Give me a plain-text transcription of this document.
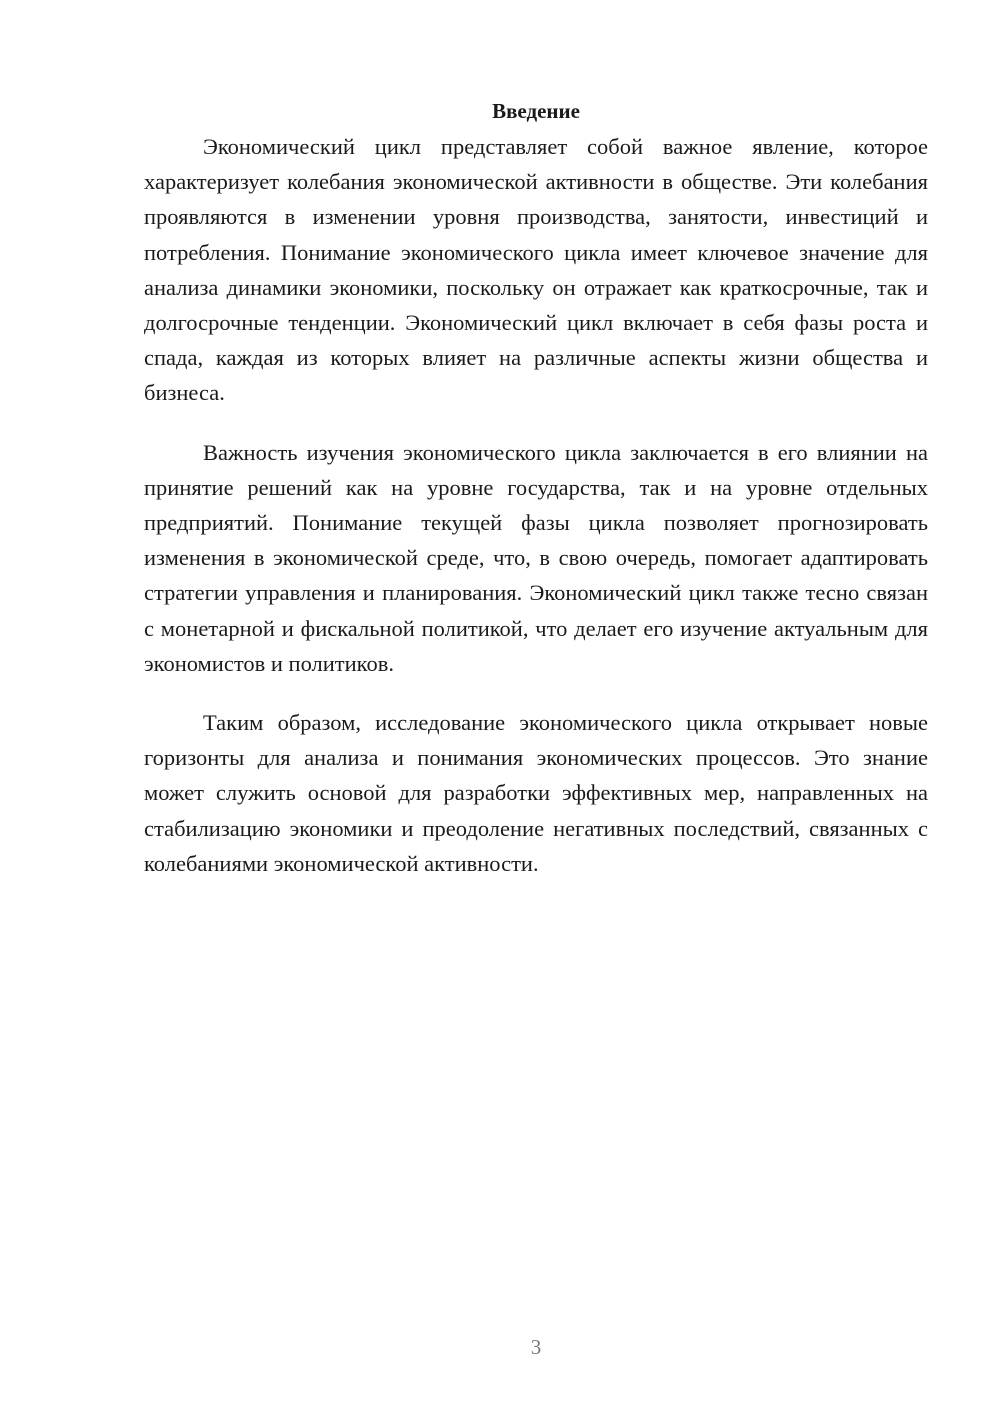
Введение

Экономический цикл представляет собой важное явление, которое характеризует колебания экономической активности в обществе. Эти колебания проявляются в изменении уровня производства, занятости, инвестиций и потребления. Понимание экономического цикла имеет ключевое значение для анализа динамики экономики, поскольку он отражает как краткосрочные, так и долгосрочные тенденции. Экономический цикл включает в себя фазы роста и спада, каждая из которых влияет на различные аспекты жизни общества и бизнеса.

Важность изучения экономического цикла заключается в его влиянии на принятие решений как на уровне государства, так и на уровне отдельных предприятий. Понимание текущей фазы цикла позволяет прогнозировать изменения в экономической среде, что, в свою очередь, помогает адаптировать стратегии управления и планирования. Экономический цикл также тесно связан с монетарной и фискальной политикой, что делает его изучение актуальным для экономистов и политиков.

Таким образом, исследование экономического цикла открывает новые горизонты для анализа и понимания экономических процессов. Это знание может служить основой для разработки эффективных мер, направленных на стабилизацию экономики и преодоление негативных последствий, связанных с колебаниями экономической активности.

3
